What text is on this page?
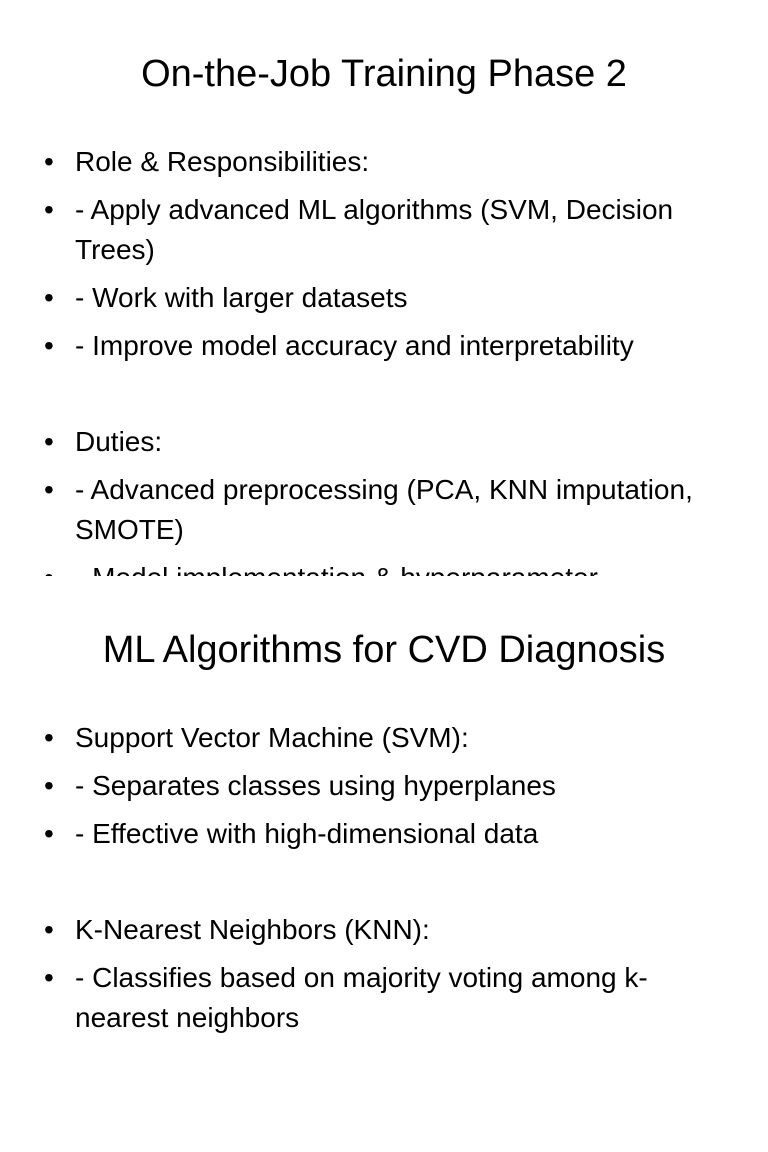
On-the-Job Training Phase 2
• Role & Responsibilities:
• - Apply advanced ML algorithms (SVM, Decision Trees)
• - Work with larger datasets
• - Improve model accuracy and interpretability
• Duties:
• - Advanced preprocessing (PCA, KNN imputation, SMOTE)
ML Algorithms for CVD Diagnosis
• Support Vector Machine (SVM):
• - Separates classes using hyperplanes
• - Effective with high-dimensional data
• K-Nearest Neighbors (KNN):
• - Classifies based on majority voting among k-nearest neighbors
